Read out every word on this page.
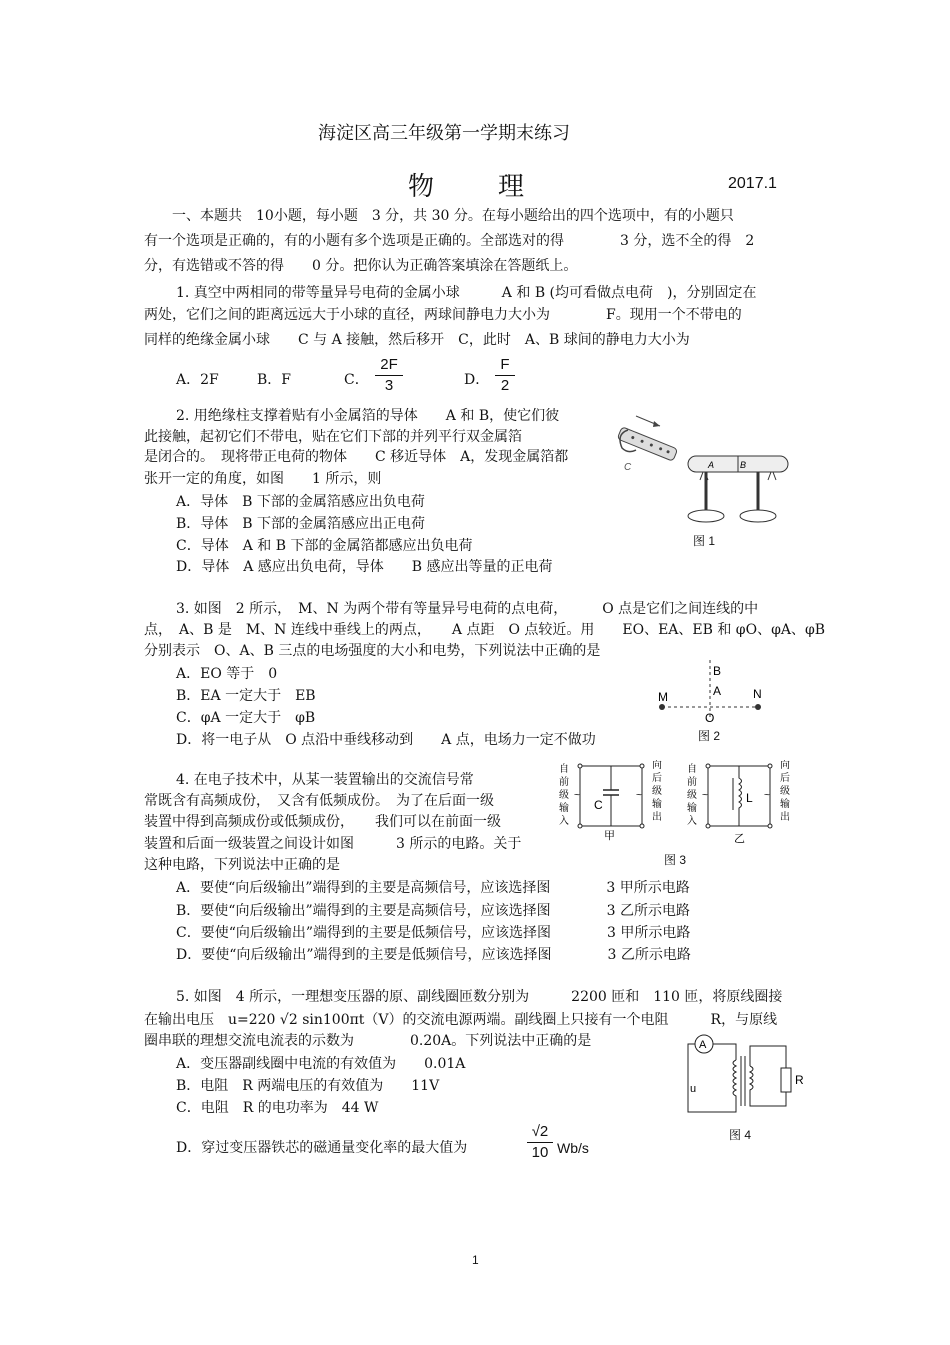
海淀区高三年级第一学期末练习
物　　理	2017.1
一、本题共　10小题，每小题　3 分，共 30 分。在每小题给出的四个选项中，有的小题只
有一个选项是正确的，有的小题有多个选项是正确的。全部选对的得　　　　3 分，选不全的得　2
分，有选错或不答的得　　0 分。把你认为正确答案填涂在答题纸上。
1. 真空中两相同的带等量异号电荷的金属小球　　　A 和 B (均可看做点电荷　)，分别固定在
两处，它们之间的距离远远大于小球的直径，两球间静电力大小为　　　　F。现用一个不带电的
同样的绝缘金属小球　　C 与 A 接触，然后移开　C，此时　A、B 球间的静电力大小为
A．2F	B．F	C． $\frac{2F}{3}$	D． $\frac{F}{2}$
2. 用绝缘柱支撑着贴有小金属箔的导体　　A 和 B，使它们彼
此接触，起初它们不带电，贴在它们下部的并列平行双金属箔
是闭合的。　现将带正电荷的物体　　C 移近导体　A，发现金属箔都
张开一定的角度，如图　　1 所示，则
A．导体　B 下部的金属箔感应出负电荷
B．导体　B 下部的金属箔感应出正电荷
C．导体　A 和 B 下部的金属箔都感应出负电荷
D．导体　A 感应出负电荷，导体　　B 感应出等量的正电荷
C	A	B
图 1
3. 如图　2 所示，　M、N 为两个带有等量异号电荷的点电荷，　　　O 点是它们之间连线的中
点，　A、B 是　M、N 连线中垂线上的两点，　　A 点距　O 点较近。用　　EO、EA、EB 和 φO、φA、φB
分别表示　O、A、B 三点的电场强度的大小和电势，下列说法中正确的是
A．EO 等于　0
B．EA 一定大于　EB
C．φA 一定大于　φB
D．将一电子从　O 点沿中垂线移动到　　A 点，电场力一定不做功
B
A
M	N
O
图 2
4. 在电子技术中，从某一装置输出的交流信号常
常既含有高频成份，　又含有低频成份。　为了在后面一级
装置中得到高频成份或低频成份，　　我们可以在前面一级
装置和后面一级装置之间设计如图　　　3 所示的电路。关于
这种电路，下列说法中正确的是
A．要使“向后级输出”端得到的主要是高频信号，应该选择图　　　　3 甲所示电路
B．要使“向后级输出”端得到的主要是高频信号，应该选择图　　　　3 乙所示电路
C．要使“向后级输出”端得到的主要是低频信号，应该选择图　　　　3 甲所示电路
D．要使“向后级输出”端得到的主要是低频信号，应该选择图　　　　3 乙所示电路
自前级输入
向后级输出
~	~
C
甲
自前级输入
向后级输出
~	~
L
乙
图 3
5. 如图　4 所示，一理想变压器的原、副线圈匝数分别为　　　2200 匝和　110 匝，将原线圈接
在输出电压　u=220 √2 sin100πt（V）的交流电源两端。副线圈上只接有一个电阻　　　R，与原线
圈串联的理想交流电流表的示数为　　　　0.20A。下列说法中正确的是
A．变压器副线圈中电流的有效值为　　0.01A
B．电阻　R 两端电压的有效值为　　11V
C．电阻　R 的电功率为　44 W
D．穿过变压器铁芯的磁通量变化率的最大值为	$\frac{√2}{10} Wb/s$
A
R
u
图 4
1
